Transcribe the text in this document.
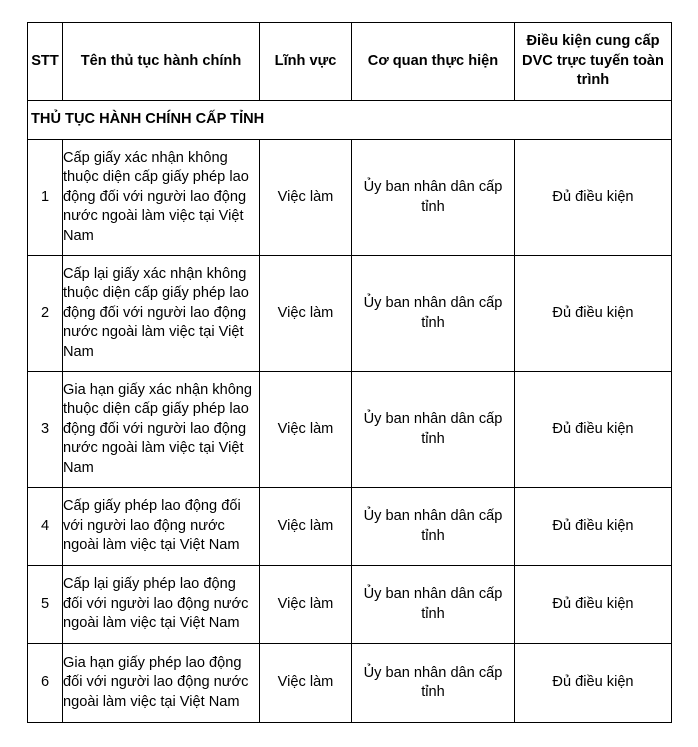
STT	Tên thủ tục hành chính	Lĩnh vực	Cơ quan thực hiện	Điều kiện cung cấp DVC trực tuyến toàn trình

THỦ TỤC HÀNH CHÍNH CẤP TỈNH				
1	Cấp giấy xác nhận không thuộc diện cấp giấy phép lao động đối với người lao động nước ngoài làm việc tại Việt Nam	Việc làm	Ủy ban nhân dân cấp tỉnh	Đủ điều kiện
2	Cấp lại giấy xác nhận không thuộc diện cấp giấy phép lao động đối với người lao động nước ngoài làm việc tại Việt Nam	Việc làm	Ủy ban nhân dân cấp tỉnh	Đủ điều kiện
3	Gia hạn giấy xác nhận không thuộc diện cấp giấy phép lao động đối với người lao động nước ngoài làm việc tại Việt Nam	Việc làm	Ủy ban nhân dân cấp tỉnh	Đủ điều kiện
4	Cấp giấy phép lao động đối với người lao động nước ngoài làm việc tại Việt Nam	Việc làm	Ủy ban nhân dân cấp tỉnh	Đủ điều kiện
5	Cấp lại giấy phép lao động đối với người lao động nước ngoài làm việc tại Việt Nam	Việc làm	Ủy ban nhân dân cấp tỉnh	Đủ điều kiện
6	Gia hạn giấy phép lao động đối với người lao động nước ngoài làm việc tại Việt Nam	Việc làm	Ủy ban nhân dân cấp tỉnh	Đủ điều kiện
